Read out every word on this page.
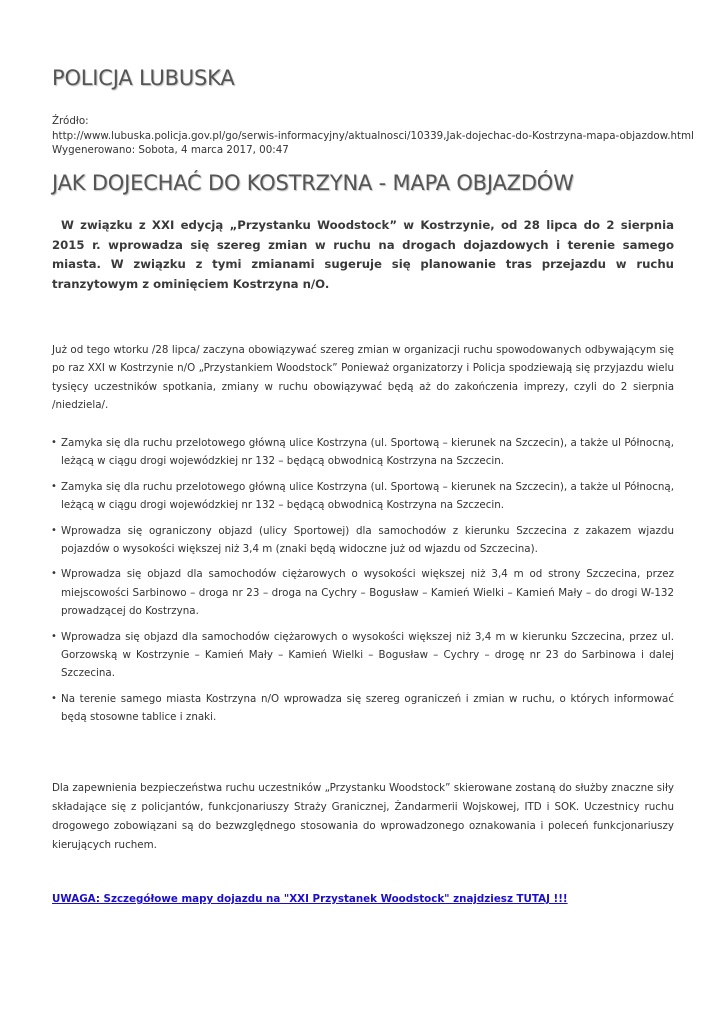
POLICJA LUBUSKA
Źródło:
http://www.lubuska.policja.gov.pl/go/serwis-informacyjny/aktualnosci/10339,Jak-dojechac-do-Kostrzyna-mapa-objazdow.html
Wygenerowano: Sobota, 4 marca 2017, 00:47
JAK DOJECHAĆ DO KOSTRZYNA - MAPA OBJAZDÓW

W związku z XXI edycją „Przystanku Woodstock” w Kostrzynie, od 28 lipca do 2 sierpnia 2015 r. wprowadza się szereg zmian w ruchu na drogach dojazdowych i terenie samego miasta. W związku z tymi zmianami sugeruje się planowanie tras przejazdu w ruchu tranzytowym z ominięciem Kostrzyna n/O.

Już od tego wtorku /28 lipca/ zaczyna obowiązywać szereg zmian w organizacji ruchu spowodowanych odbywającym się po raz XXI w Kostrzynie n/O „Przystankiem Woodstock” Ponieważ organizatorzy i Policja spodziewają się przyjazdu wielu tysięcy uczestników spotkania, zmiany w ruchu obowiązywać będą aż do zakończenia imprezy, czyli do 2 sierpnia /niedziela/.

• Zamyka się dla ruchu przelotowego główną ulice Kostrzyna (ul. Sportową – kierunek na Szczecin), a także ul Północną, leżącą w ciągu drogi wojewódzkiej nr 132 – będącą obwodnicą Kostrzyna na Szczecin.
• Zamyka się dla ruchu przelotowego główną ulice Kostrzyna (ul. Sportową – kierunek na Szczecin), a także ul Północną, leżącą w ciągu drogi wojewódzkiej nr 132 – będącą obwodnicą Kostrzyna na Szczecin.
• Wprowadza się ograniczony objazd (ulicy Sportowej) dla samochodów z kierunku Szczecina z zakazem wjazdu pojazdów o wysokości większej niż 3,4 m (znaki będą widoczne już od wjazdu od Szczecina).
• Wprowadza się objazd dla samochodów ciężarowych o wysokości większej niż 3,4 m od strony Szczecina, przez miejscowości Sarbinowo – droga nr 23 – droga na Cychry – Bogusław – Kamień Wielki – Kamień Mały – do drogi W-132 prowadzącej do Kostrzyna.
• Wprowadza się objazd dla samochodów ciężarowych o wysokości większej niż 3,4 m w kierunku Szczecina, przez ul. Gorzowską w Kostrzynie – Kamień Mały – Kamień Wielki – Bogusław – Cychry – drogę nr 23 do Sarbinowa i dalej Szczecina.
• Na terenie samego miasta Kostrzyna n/O wprowadza się szereg ograniczeń i zmian w ruchu, o których informować będą stosowne tablice i znaki.

Dla zapewnienia bezpieczeństwa ruchu uczestników „Przystanku Woodstock” skierowane zostaną do służby znaczne siły składające się z policjantów, funkcjonariuszy Straży Granicznej, Żandarmerii Wojskowej, ITD i SOK. Uczestnicy ruchu drogowego zobowiązani są do bezwzględnego stosowania do wprowadzonego oznakowania i poleceń funkcjonariuszy kierujących ruchem.

UWAGA: Szczegółowe mapy dojazdu na "XXI Przystanek Woodstock" znajdziesz TUTAJ !!!
